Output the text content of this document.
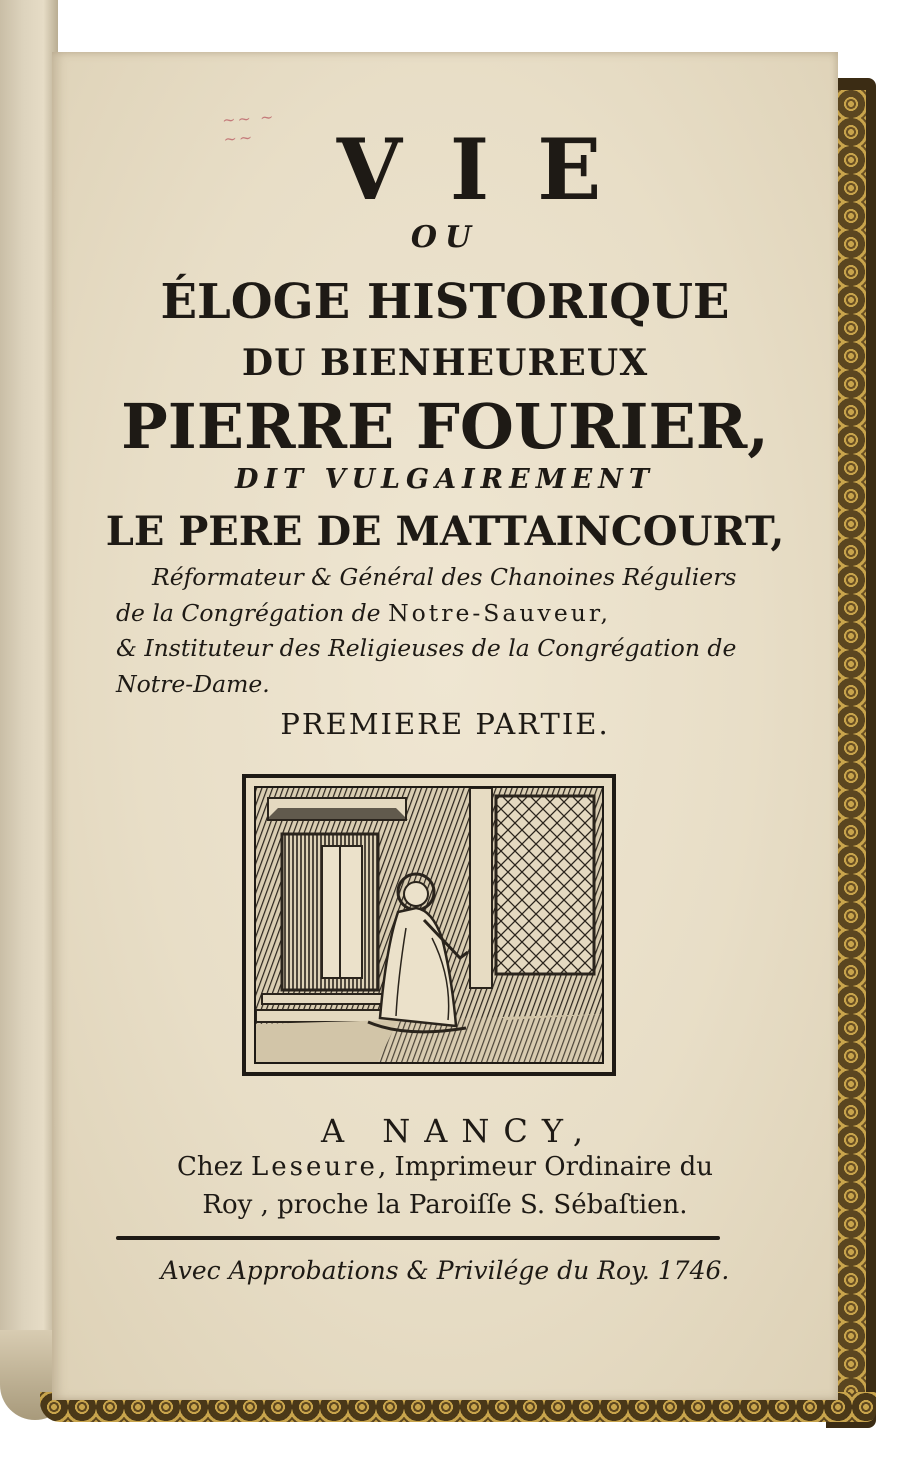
~~ ~ ~~ VIE
OU
ÉLOGE HISTORIQUE
DU BIENHEUREUX
PIERRE FOURIER,
DIT VULGAIREMENT
LE PERE DE MATTAINCOURT,
Réformateur & Général des Chanoines Réguliers
de la Congrégation de Notre-Sauveur,
& Instituteur des Religieuses de la Congrégation de
Notre-Dame.
PREMIERE PARTIE.
A NANCY,
Chez Leseure, Imprimeur Ordinaire du
Roy , proche la Paroiſſe S. Sébaſtien.
Avec Approbations & Privilége du Roy. 1746.
